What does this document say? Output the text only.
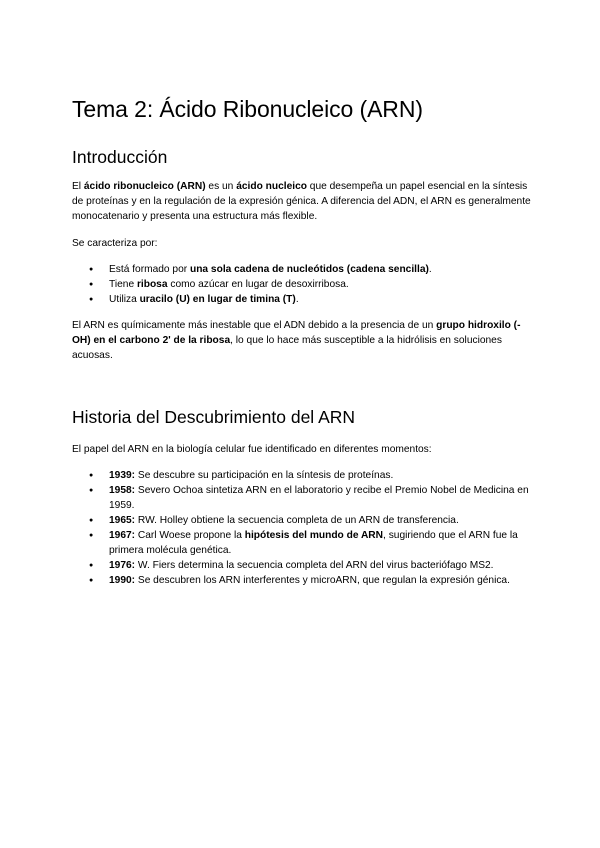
Tema 2: Ácido Ribonucleico (ARN)
Introducción

El ácido ribonucleico (ARN) es un ácido nucleico que desempeña un papel esencial en la síntesis de proteínas y en la regulación de la expresión génica. A diferencia del ADN, el ARN es generalmente monocatenario y presenta una estructura más flexible.

Se caracteriza por:

● Está formado por una sola cadena de nucleótidos (cadena sencilla).
● Tiene ribosa como azúcar en lugar de desoxirribosa.
● Utiliza uracilo (U) en lugar de timina (T).

El ARN es químicamente más inestable que el ADN debido a la presencia de un grupo hidroxilo (-OH) en el carbono 2' de la ribosa, lo que lo hace más susceptible a la hidrólisis en soluciones acuosas.

Historia del Descubrimiento del ARN

El papel del ARN en la biología celular fue identificado en diferentes momentos:

● 1939: Se descubre su participación en la síntesis de proteínas.
● 1958: Severo Ochoa sintetiza ARN en el laboratorio y recibe el Premio Nobel de Medicina en 1959.
● 1965: RW. Holley obtiene la secuencia completa de un ARN de transferencia.
● 1967: Carl Woese propone la hipótesis del mundo de ARN, sugiriendo que el ARN fue la primera molécula genética.
● 1976: W. Fiers determina la secuencia completa del ARN del virus bacteriófago MS2.
● 1990: Se descubren los ARN interferentes y microARN, que regulan la expresión génica.
